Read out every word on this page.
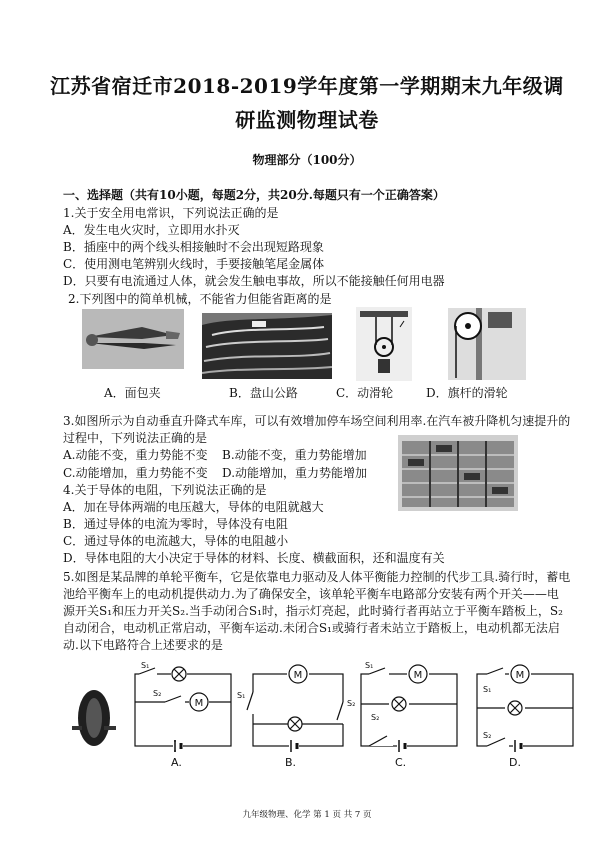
江苏省宿迁市2018-2019学年度第一学期期末九年级调
研监测物理试卷
物理部分（100分）
一、选择题（共有10小题，每题2分，共20分.每题只有一个正确答案）
1.关于安全用电常识，下列说法正确的是
A．发生电火灾时，立即用水扑灭
B．插座中的两个线头相接触时不会出现短路现象
C．使用测电笔辨别火线时，手要接触笔尾金属体
D．只要有电流通过人体，就会发生触电事故，所以不能接触任何用电器
2.下列图中的简单机械，不能省力但能省距离的是
A．面包夹	B．盘山公路	C．动滑轮	D．旗杆的滑轮
3.如图所示为自动垂直升降式车库，可以有效增加停车场空间利用率.在汽车被升降机匀速提升的
过程中，下列说法正确的是
A.动能不变，重力势能不变 B.动能不变，重力势能增加
C.动能增加，重力势能不变 D.动能增加，重力势能增加
4.关于导体的电阻，下列说法正确的是
A．加在导体两端的电压越大，导体的电阻就越大
B．通过导体的电流为零时，导体没有电阻
C．通过导体的电流越大，导体的电阻越小
D．导体电阻的大小决定于导体的材料、长度、横截面积，还和温度有关
5.如图是某品牌的单轮平衡车，它是依靠电力驱动及人体平衡能力控制的代步工具.骑行时，蓄电
池给平衡车上的电动机提供动力.为了确保安全，该单轮平衡车电路部分安装有两个开关——电
源开关S₁和压力开关S₂.当手动闭合S₁时，指示灯亮起，此时骑行者再站立于平衡车踏板上，S₂
自动闭合，电动机正常启动，平衡车运动.未闭合S₁或骑行者未站立于踏板上，电动机都无法启
动.以下电路符合上述要求的是
M
M	M	M
S₁
S₂	S₁
S₂
S₁
S₂
S₁
S₂
A.	B.	C.	D.
九年级物理、化学 第 1 页 共 7 页
